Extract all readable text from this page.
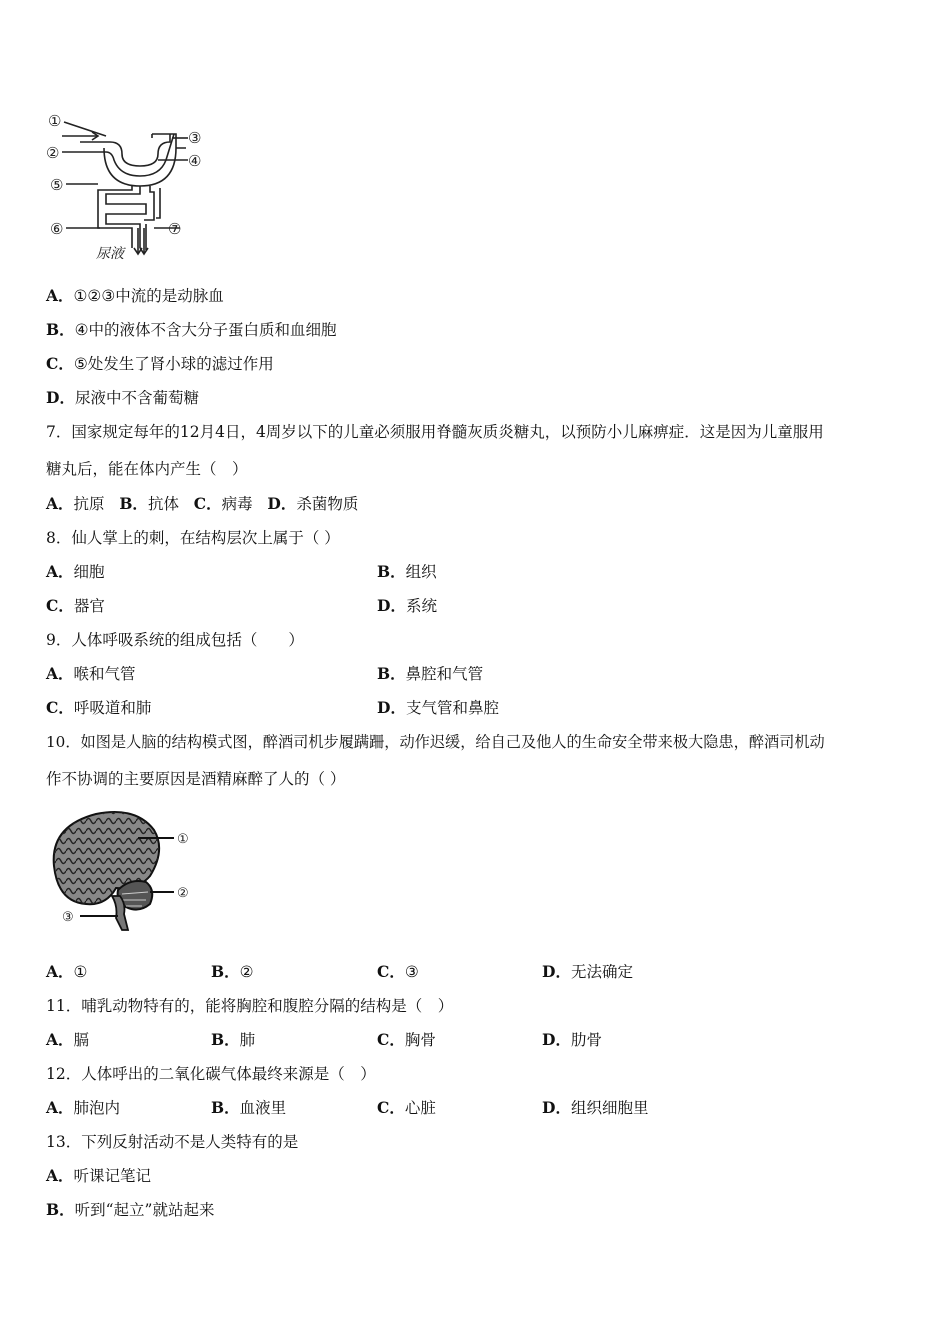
①
②
③
④
⑤
⑥	⑦
尿液
A．①②③中流的是动脉血
B．④中的液体不含大分子蛋白质和血细胞
C．⑤处发生了肾小球的滤过作用
D．尿液中不含葡萄糖
7．国家规定每年的12月4日，4周岁以下的儿童必须服用脊髓灰质炎糖丸，以预防小儿麻痹症．这是因为儿童服用
糖丸后，能在体内产生（　）
A．抗原 B．抗体 C．病毒 D．杀菌物质
8．仙人掌上的刺，在结构层次上属于（ ）
A．细胞	B．组织
C．器官	D．系统
9．人体呼吸系统的组成包括（　　）
A．喉和气管	B．鼻腔和气管
C．呼吸道和肺	D．支气管和鼻腔
10．如图是人脑的结构模式图，醉酒司机步履蹒跚，动作迟缓，给自己及他人的生命安全带来极大隐患，醉酒司机动
作不协调的主要原因是酒精麻醉了人的（ ）
①
②
③
A．①	B．②	C．③	D．无法确定
11．哺乳动物特有的，能将胸腔和腹腔分隔的结构是（　）
A．膈	B．肺	C．胸骨	D．肋骨
12．人体呼出的二氧化碳气体最终来源是（　）
A．肺泡内	B．血液里	C．心脏	D．组织细胞里
13．下列反射活动不是人类特有的是
A．听课记笔记
B．听到“起立”就站起来
